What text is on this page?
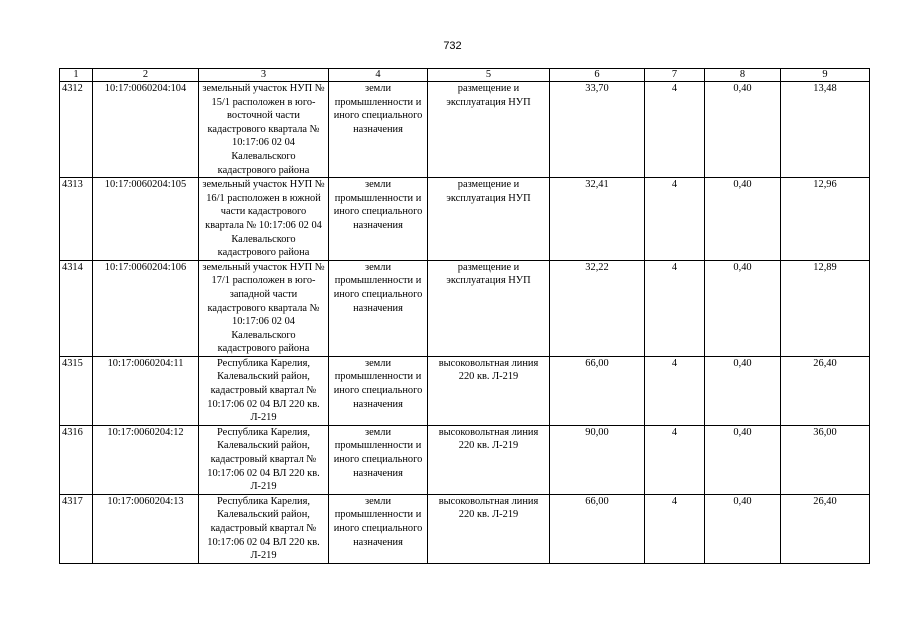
732
1	2	3	4	5	6	7	8	9
4312	10:17:0060204:104	земельный участок НУП № 15/1 расположен в юго-восточной части кадастрового квартала № 10:17:06 02 04 Калевальского кадастрового района	земли промышленности и иного специального назначения	размещение и эксплуатация НУП	33,70	4	0,40	13,48
4313	10:17:0060204:105	земельный участок НУП № 16/1 расположен в южной части кадастрового квартала № 10:17:06 02 04 Калевальского кадастрового района	земли промышленности и иного специального назначения	размещение и эксплуатация НУП	32,41	4	0,40	12,96
4314	10:17:0060204:106	земельный участок НУП № 17/1 расположен в юго-западной части кадастрового квартала № 10:17:06 02 04 Калевальского кадастрового района	земли промышленности и иного специального назначения	размещение и эксплуатация НУП	32,22	4	0,40	12,89
4315	10:17:0060204:11	Республика Карелия, Калевальский район, кадастровый квартал № 10:17:06 02 04 ВЛ 220 кв. Л-219	земли промышленности и иного специального назначения	высоковольтная линия 220 кв. Л-219	66,00	4	0,40	26,40
4316	10:17:0060204:12	Республика Карелия, Калевальский район, кадастровый квартал № 10:17:06 02 04 ВЛ 220 кв. Л-219	земли промышленности и иного специального назначения	высоковольтная линия 220 кв. Л-219	90,00	4	0,40	36,00
4317	10:17:0060204:13	Республика Карелия, Калевальский район, кадастровый квартал № 10:17:06 02 04 ВЛ 220 кв. Л-219	земли промышленности и иного специального назначения	высоковольтная линия 220 кв. Л-219	66,00	4	0,40	26,40
